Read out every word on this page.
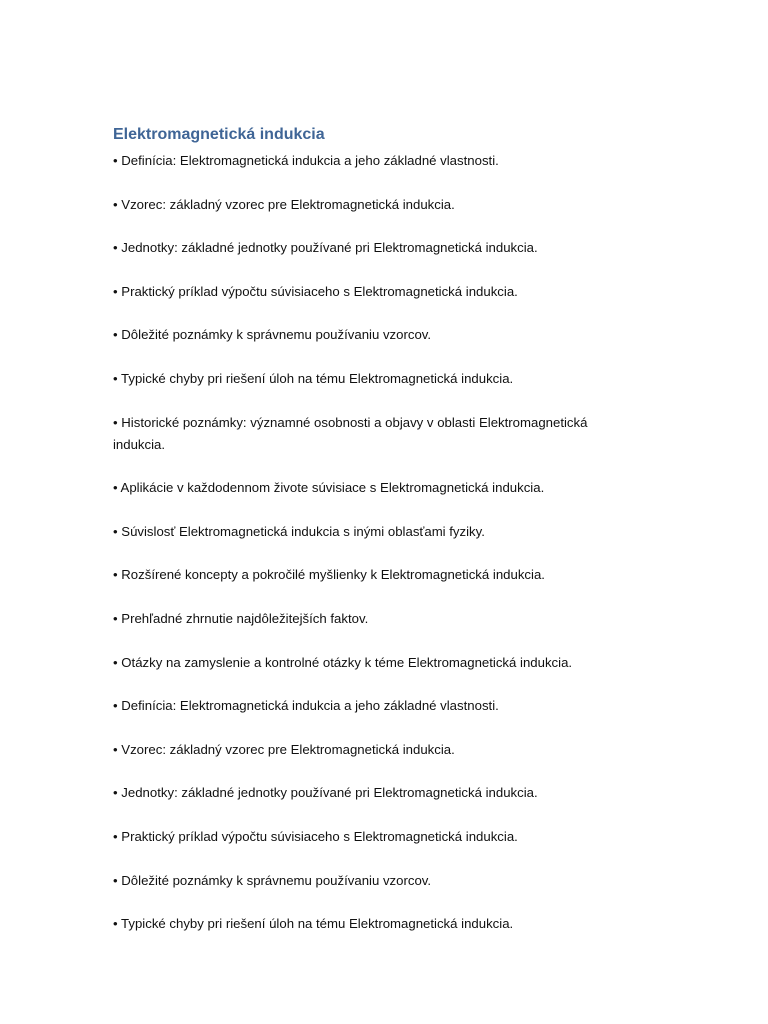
Elektromagnetická indukcia
• Definícia: Elektromagnetická indukcia a jeho základné vlastnosti.
• Vzorec: základný vzorec pre Elektromagnetická indukcia.
• Jednotky: základné jednotky používané pri Elektromagnetická indukcia.
• Praktický príklad výpočtu súvisiaceho s Elektromagnetická indukcia.
• Dôležité poznámky k správnemu používaniu vzorcov.
• Typické chyby pri riešení úloh na tému Elektromagnetická indukcia.
• Historické poznámky: významné osobnosti a objavy v oblasti Elektromagnetická indukcia.
• Aplikácie v každodennom živote súvisiace s Elektromagnetická indukcia.
• Súvislosť Elektromagnetická indukcia s inými oblasťami fyziky.
• Rozšírené koncepty a pokročilé myšlienky k Elektromagnetická indukcia.
• Prehľadné zhrnutie najdôležitejších faktov.
• Otázky na zamyslenie a kontrolné otázky k téme Elektromagnetická indukcia.
• Definícia: Elektromagnetická indukcia a jeho základné vlastnosti.
• Vzorec: základný vzorec pre Elektromagnetická indukcia.
• Jednotky: základné jednotky používané pri Elektromagnetická indukcia.
• Praktický príklad výpočtu súvisiaceho s Elektromagnetická indukcia.
• Dôležité poznámky k správnemu používaniu vzorcov.
• Typické chyby pri riešení úloh na tému Elektromagnetická indukcia.
